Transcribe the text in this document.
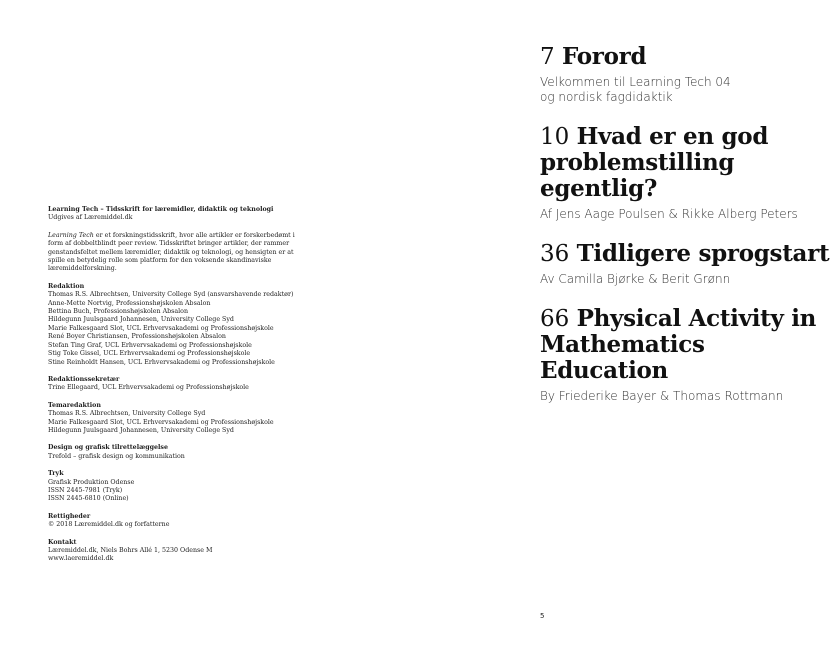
Learning Tech – Tidsskrift for læremidler, didaktik og teknologi

Udgives af Læremiddel.dk

Learning Tech er et forskningstidsskrift, hvor alle artikler er forskerbedømt i form af dobbeltblindt peer review. Tidsskriftet bringer artikler, der rammer genstandsfeltet mellem læremidler, didaktik og teknologi, og hensigten er at spille en betydelig rolle som platform for den voksende skandinaviske læremiddelforskning.

Redaktion

Thomas R.S. Albrechtsen, University College Syd (ansvarshavende redaktør)

Anne-Mette Nortvig, Professionshøjskolen Absalon

Bettina Buch, Professionshøjskolen Absalon

Hildegunn Juulsgaard Johannesen, University College Syd

Marie Falkesgaard Slot, UCL Erhvervsakademi og Professionshøjskole

René Boyer Christiansen, Professionshøjskolen Absalon

Stefan Ting Graf, UCL Erhvervsakademi og Professionshøjskole

Stig Toke Gissel, UCL Erhvervsakademi og Professionshøjskole

Stine Reinholdt Hansen, UCL Erhvervsakademi og Professionshøjskole

Redaktionssekretær

Trine Ellegaard, UCL Erhvervsakademi og Professionshøjskole

Temaredaktion

Thomas R.S. Albrechtsen, University College Syd

Marie Falkesgaard Slot, UCL Erhvervsakademi og Professionshøjskole

Hildegunn Juulsgaard Johannesen, University College Syd

Design og grafisk tilrettelæggelse

Trefold – grafisk design og kommunikation

Tryk

Grafisk Produktion Odense

ISSN 2445-7981 (Tryk)

ISSN 2445-6810 (Online)

Rettigheder

© 2018 Læremiddel.dk og forfatterne

Kontakt

Læremiddel.dk, Niels Bohrs Allé 1, 5230 Odense M

www.laeremiddel.dk

7 Forord

Velkommen til Learning Tech 04
og nordisk fagdidaktik

10 Hvad er en god problemstilling egentlig?

Af Jens Aage Poulsen & Rikke Alberg Peters

36 Tidligere sprogstart

Av Camilla Bjørke & Berit Grønn

66 Physical Activity in Mathematics Education

By Friederike Bayer & Thomas Rottmann
5
